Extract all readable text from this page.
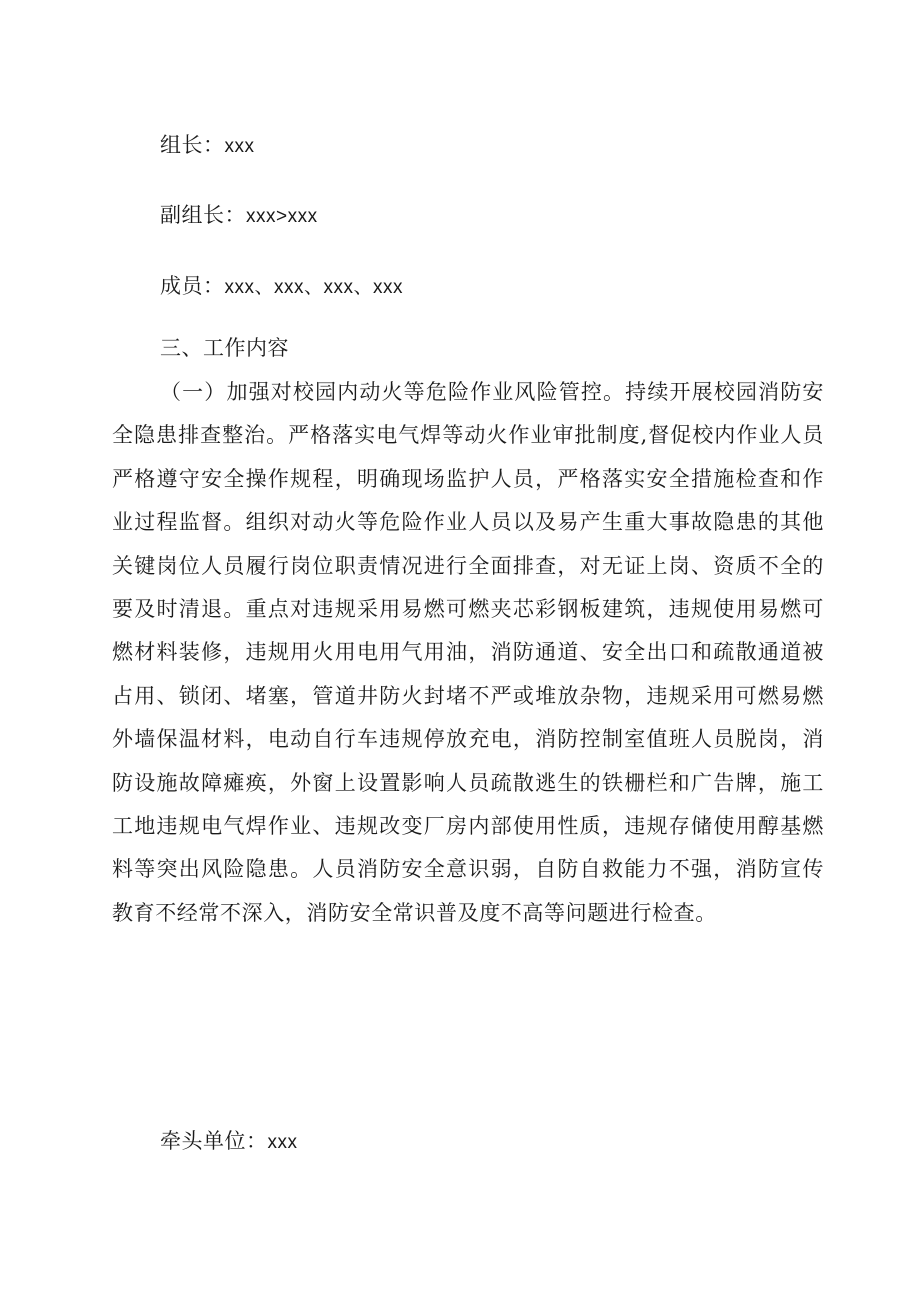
组长：xxx
副组长：xxx>xxx
成员：xxx、xxx、xxx、xxx
三、工作内容

（一）加强对校园内动火等危险作业风险管控。持续开展校园消防安全隐患排查整治。严格落实电气焊等动火作业审批制度,督促校内作业人员严格遵守安全操作规程，明确现场监护人员，严格落实安全措施检查和作业过程监督。组织对动火等危险作业人员以及易产生重大事故隐患的其他关键岗位人员履行岗位职责情况进行全面排查，对无证上岗、资质不全的要及时清退。重点对违规采用易燃可燃夹芯彩钢板建筑，违规使用易燃可燃材料装修，违规用火用电用气用油，消防通道、安全出口和疏散通道被占用、锁闭、堵塞，管道井防火封堵不严或堆放杂物，违规采用可燃易燃外墙保温材料，电动自行车违规停放充电，消防控制室值班人员脱岗，消防设施故障瘫痪，外窗上设置影响人员疏散逃生的铁栅栏和广告牌，施工工地违规电气焊作业、违规改变厂房内部使用性质，违规存储使用醇基燃料等突出风险隐患。人员消防安全意识弱，自防自救能力不强，消防宣传教育不经常不深入，消防安全常识普及度不高等问题进行检查。

牵头单位：xxx
